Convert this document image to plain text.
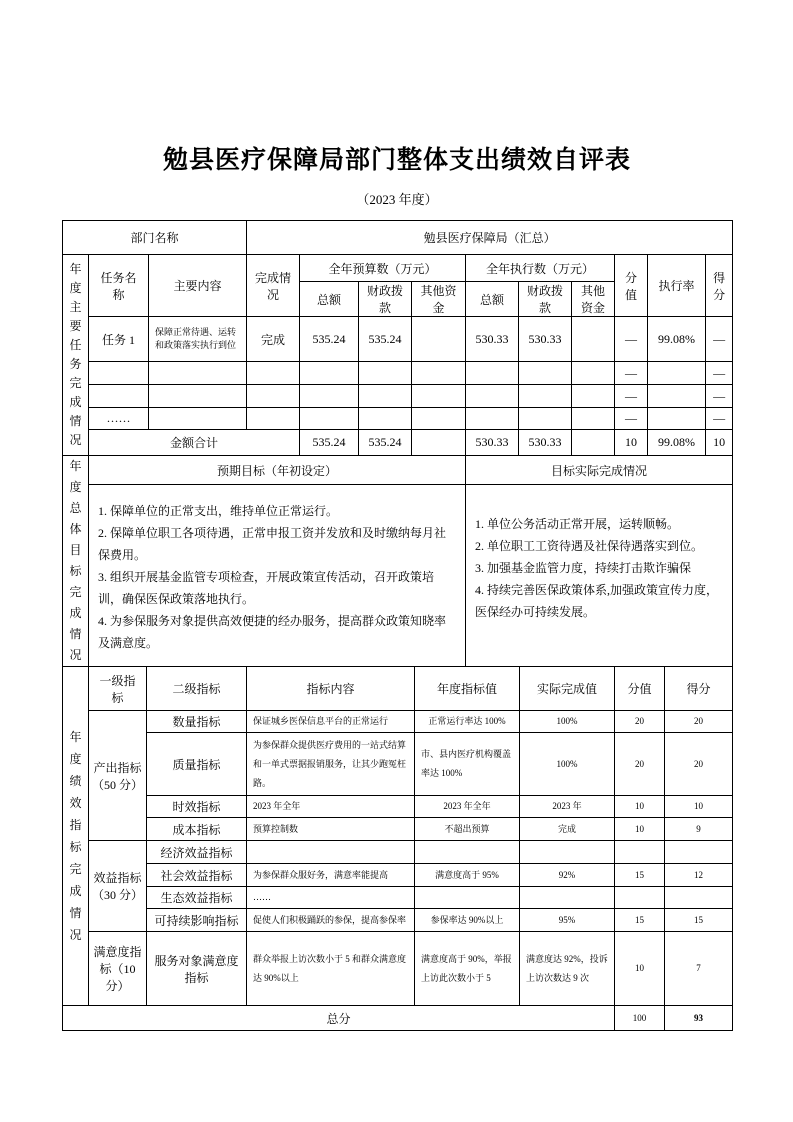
勉县医疗保障局部门整体支出绩效自评表
（2023 年度）
部门名称			勉县医疗保障局（汇总）									

年度主要任务完成情况	任务名称	主要内容	完成情况	全年预算数（万元）			全年执行数（万元）			分值	执行率	得分
				总额	财政拨款	其他资金	总额	财政拨款	其他资金			
	任务 1	保障正常待遇、运转和政策落实执行到位	完成	535.24	535.24		530.33	530.33		—	99.08%	—
										—		—
										—		—
	……									—		—
	金额合计			535.24	535.24		530.33	530.33		10	99.08%	10
年度总体目标完成情况	预期目标（年初设定）	目标实际完成情况

1. 保障单位的正常支出，维持单位正常运行。
2. 保障单位职工各项待遇，正常申报工资并发放和及时缴纳每月社保费用。
3. 组织开展基金监管专项检查，开展政策宣传活动，召开政策培训，确保医保政策落地执行。
4. 为参保服务对象提供高效便捷的经办服务，提高群众政策知晓率及满意度。

1. 单位公务活动正常开展，运转顺畅。
2. 单位职工工资待遇及社保待遇落实到位。
3. 加强基金监管力度，持续打击欺诈骗保
4. 持续完善医保政策体系,加强政策宣传力度，医保经办可持续发展。
年度绩效指标完成情况	一级指标	二级指标	指标内容	年度指标值	实际完成值	分值	得分
	产出指标（50 分）	数量指标	保证城乡医保信息平台的正常运行	正常运行率达 100%	100%	20	20
		质量指标	为参保群众提供医疗费用的一站式结算和一单式票据报销服务，让其少跑冤枉路。	市、县内医疗机构覆盖率达 100%	100%	20	20
		时效指标	2023 年全年	2023 年全年	2023 年	10	10
		成本指标	预算控制数	不超出预算	完成	10	9
	效益指标（30 分）	经济效益指标					
		社会效益指标	为参保群众服好务，满意率能提高	满意度高于 95%	92%	15	12
		生态效益指标	……				
		可持续影响指标	促使人们积极踊跃的参保，提高参保率	参保率达 90%以上	95%	15	15
	满意度指标（10 分）	服务对象满意度指标	群众举报上访次数小于 5 和群众满意度达 90%以上	满意度高于 90%，举报上访此次数小于 5	满意度达 92%，投诉上访次数达 9 次	10	7
总分						100	93
